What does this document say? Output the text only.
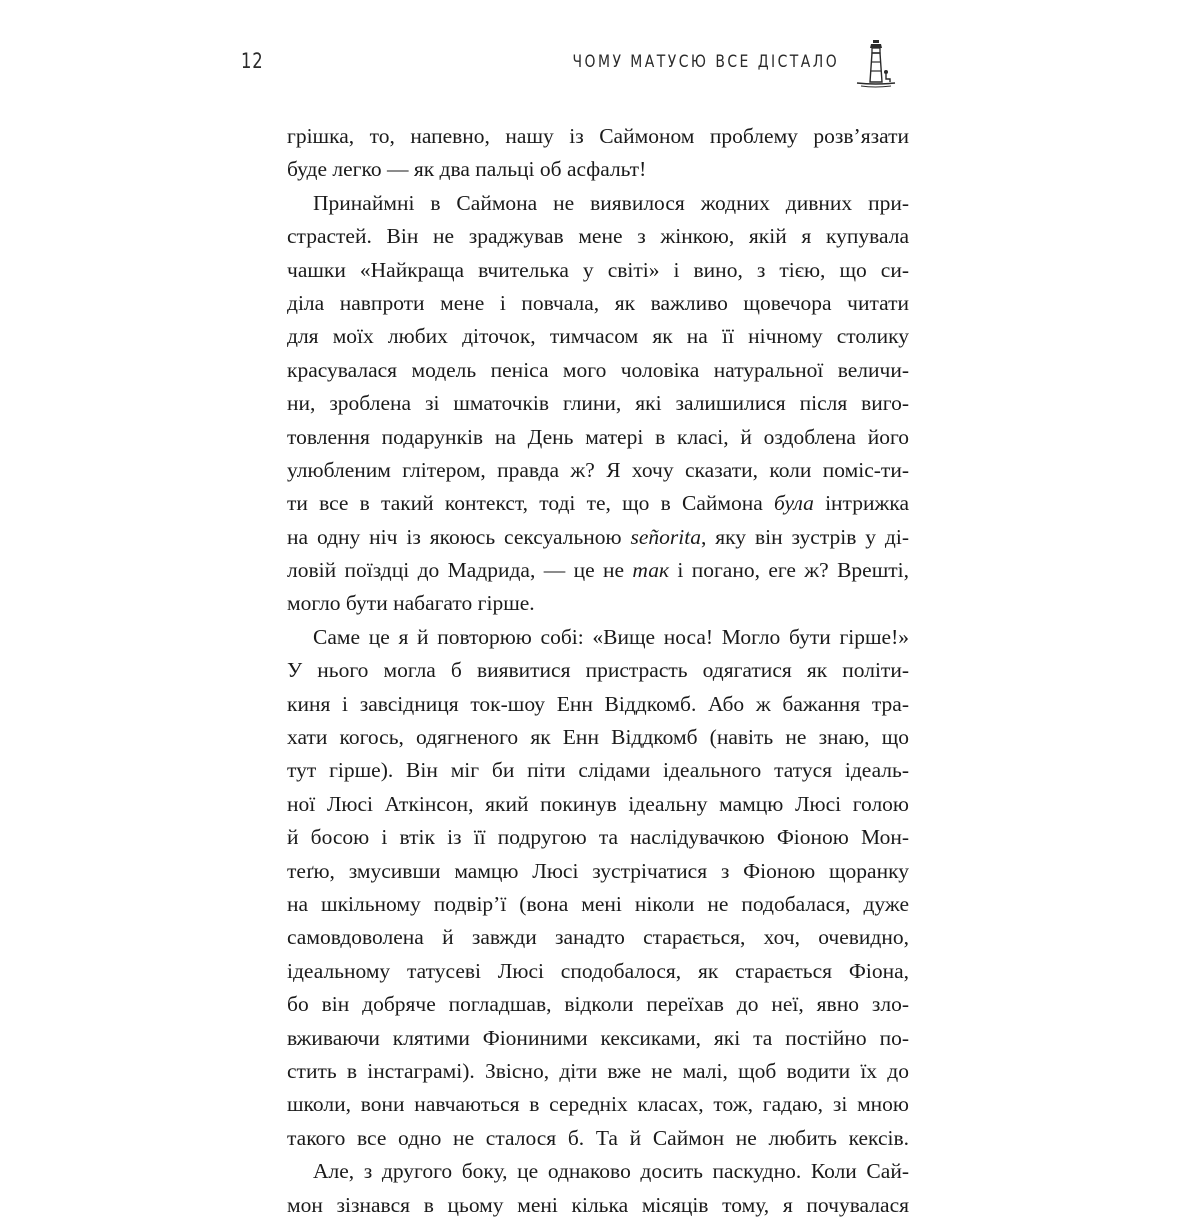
12	ЧОМУ МАТУСЮ ВСЕ ДІСТАЛО
грішка, то, напевно, нашу із Саймоном проблему розв’язати
буде легко — як два пальці об асфальт!
Принаймні в Саймона не виявилося жодних дивних при-
страстей. Він не зраджував мене з жінкою, якій я купувала
чашки «Найкраща вчителька у світі» і вино, з тією, що си-
діла навпроти мене і повчала, як важливо щовечора читати
для моїх любих діточок, тимчасом як на її нічному столику
красувалася модель пеніса мого чоловіка натуральної величи-
ни, зроблена зі шматочків глини, які залишилися після виго-
товлення подарунків на День матері в класі, й оздоблена його
улюбленим глітером, правда ж? Я хочу сказати, коли поміс-ти-
ти все в такий контекст, тоді те, що в Саймона була інтрижка
на одну ніч із якоюсь сексуальною señorita, яку він зустрів у ді-
ловій поїздці до Мадрида, — це не так і погано, еге ж? Врешті,
могло бути набагато гірше.
Саме це я й повторюю собі: «Вище носа! Могло бути гірше!»
У нього могла б виявитися пристрасть одягатися як політи-
киня і завсідниця ток-шоу Енн Віддкомб. Або ж бажання тра-
хати когось, одягненого як Енн Віддкомб (навіть не знаю, що
тут гірше). Він міг би піти слідами ідеального татуся ідеаль-
ної Люсі Аткінсон, який покинув ідеальну мамцю Люсі голою
й босою і втік із її подругою та наслідувачкою Фіоною Мон-
теґю, змусивши мамцю Люсі зустрічатися з Фіоною щоранку
на шкільному подвір’ї (вона мені ніколи не подобалася, дуже
самовдоволена й завжди занадто старається, хоч, очевидно,
ідеальному татусеві Люсі сподобалося, як старається Фіона,
бо він добряче погладшав, відколи переїхав до неї, явно зло-
вживаючи клятими Фіониними кексиками, які та постійно по-
стить в інстаграмі). Звісно, діти вже не малі, щоб водити їх до
школи, вони навчаються в середніх класах, тож, гадаю, зі мною
такого все одно не сталося б. Та й Саймон не любить кексів.
Але, з другого боку, це однаково досить паскудно. Коли Сай-
мон зізнався в цьому мені кілька місяців тому, я почувалася
